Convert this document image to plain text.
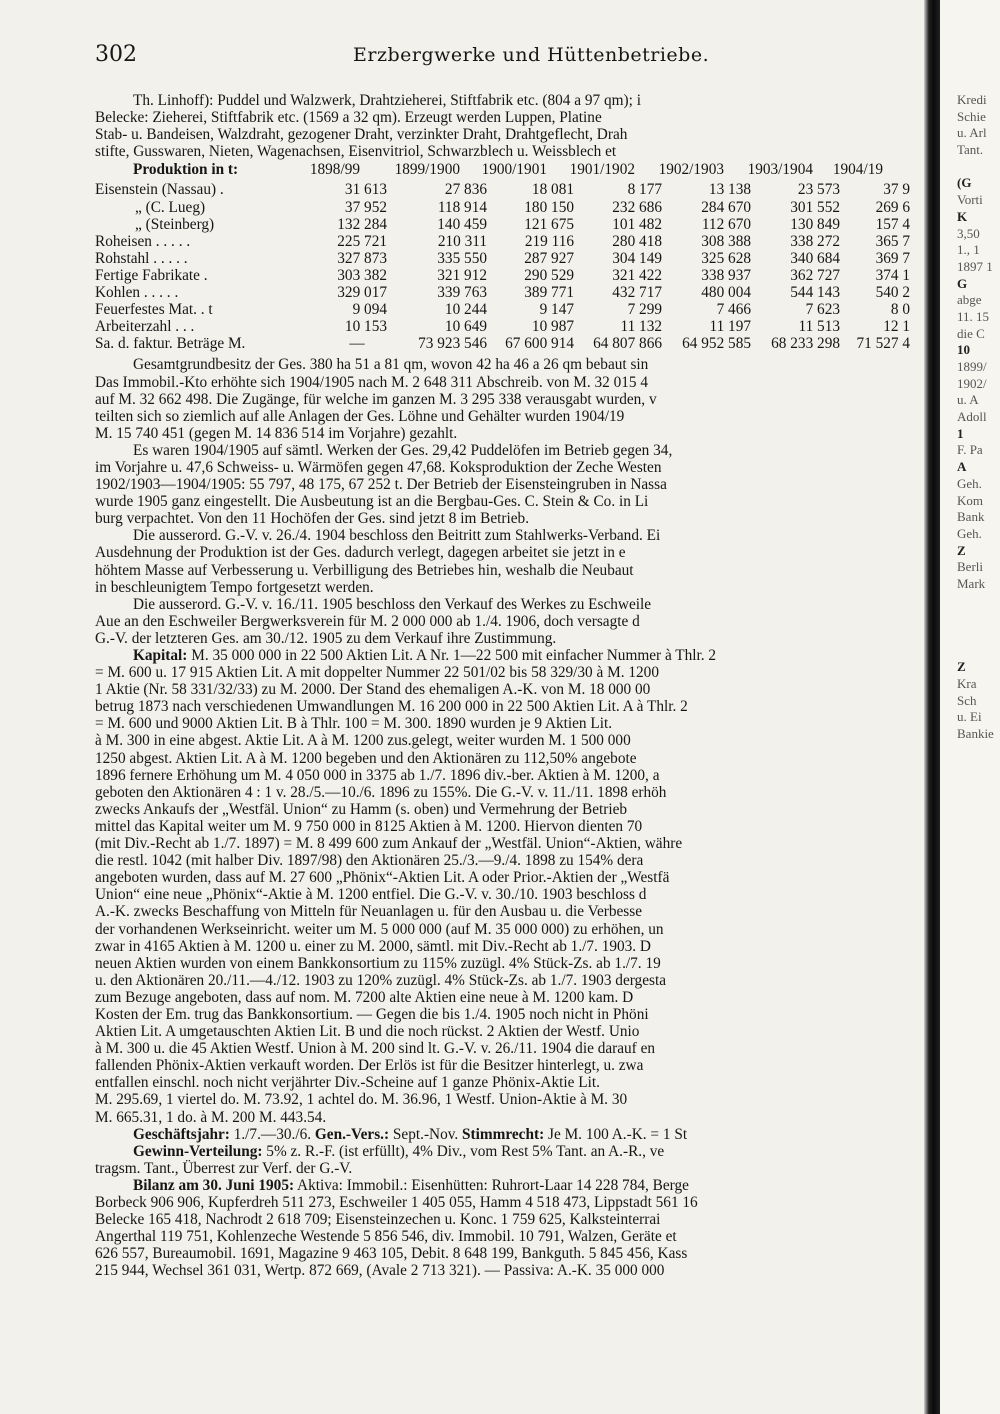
302	Erzbergwerke und Hüttenbetriebe.
Th. Linhoff): Puddel und Walzwerk, Drahtzieherei, Stiftfabrik etc. (804 a 97 qm); i
Belecke: Zieherei, Stiftfabrik etc. (1569 a 32 qm). Erzeugt werden Luppen, Platine
Stab- u. Bandeisen, Walzdraht, gezogener Draht, verzinkter Draht, Drahtgeflecht, Drah
stifte, Gusswaren, Nieten, Wagenachsen, Eisenvitriol, Schwarzblech u. Weissblech et
Produktion in t:	1898/99	1899/1900	1900/1901	1901/1902	1902/1903	1903/1904	1904/19
Eisenstein (Nassau) .	31 613	27 836	18 081	8 177	13 138	23 573	37 9
„ (C. Lueg)	37 952	118 914	180 150	232 686	284 670	301 552	269 6
„ (Steinberg)	132 284	140 459	121 675	101 482	112 670	130 849	157 4
Roheisen . . . . .	225 721	210 311	219 116	280 418	308 388	338 272	365 7
Rohstahl . . . . .	327 873	335 550	287 927	304 149	325 628	340 684	369 7
Fertige Fabrikate .	303 382	321 912	290 529	321 422	338 937	362 727	374 1
Kohlen . . . . .	329 017	339 763	389 771	432 717	480 004	544 143	540 2
Feuerfestes Mat. . t	9 094	10 244	9 147	7 299	7 466	7 623	8 0
Arbeiterzahl . . .	10 153	10 649	10 987	11 132	11 197	11 513	12 1
Sa. d. faktur. Beträge M.	—	73 923 546	67 600 914	64 807 866	64 952 585	68 233 298	71 527 4
Gesamtgrundbesitz der Ges. 380 ha 51 a 81 qm, wovon 42 ha 46 a 26 qm bebaut sin
Das Immobil.-Kto erhöhte sich 1904/1905 nach M. 2 648 311 Abschreib. von M. 32 015 4
auf M. 32 662 498. Die Zugänge, für welche im ganzen M. 3 295 338 verausgabt wurden, v
teilten sich so ziemlich auf alle Anlagen der Ges. Löhne und Gehälter wurden 1904/19
M. 15 740 451 (gegen M. 14 836 514 im Vorjahre) gezahlt.
Es waren 1904/1905 auf sämtl. Werken der Ges. 29,42 Puddelöfen im Betrieb gegen 34,
im Vorjahre u. 47,6 Schweiss- u. Wärmöfen gegen 47,68. Koksproduktion der Zeche Westen
1902/1903—1904/1905: 55 797, 48 175, 67 252 t. Der Betrieb der Eisensteingruben in Nassa
wurde 1905 ganz eingestellt. Die Ausbeutung ist an die Bergbau-Ges. C. Stein & Co. in Li
burg verpachtet. Von den 11 Hochöfen der Ges. sind jetzt 8 im Betrieb.
Die ausserord. G.-V. v. 26./4. 1904 beschloss den Beitritt zum Stahlwerks-Verband. Ei
Ausdehnung der Produktion ist der Ges. dadurch verlegt, dagegen arbeitet sie jetzt in e
höhtem Masse auf Verbesserung u. Verbilligung des Betriebes hin, weshalb die Neubaut
in beschleunigtem Tempo fortgesetzt werden.
Die ausserord. G.-V. v. 16./11. 1905 beschloss den Verkauf des Werkes zu Eschweile
Aue an den Eschweiler Bergwerksverein für M. 2 000 000 ab 1./4. 1906, doch versagte d
G.-V. der letzteren Ges. am 30./12. 1905 zu dem Verkauf ihre Zustimmung.
Kapital: M. 35 000 000 in 22 500 Aktien Lit. A Nr. 1—22 500 mit einfacher Nummer à Thlr. 2
= M. 600 u. 17 915 Aktien Lit. A mit doppelter Nummer 22 501/02 bis 58 329/30 à M. 1200
1 Aktie (Nr. 58 331/32/33) zu M. 2000. Der Stand des ehemaligen A.-K. von M. 18 000 00
betrug 1873 nach verschiedenen Umwandlungen M. 16 200 000 in 22 500 Aktien Lit. A à Thlr. 2
= M. 600 und 9000 Aktien Lit. B à Thlr. 100 = M. 300. 1890 wurden je 9 Aktien Lit.
à M. 300 in eine abgest. Aktie Lit. A à M. 1200 zus.gelegt, weiter wurden M. 1 500 000
1250 abgest. Aktien Lit. A à M. 1200 begeben und den Aktionären zu 112,50% angebote
1896 fernere Erhöhung um M. 4 050 000 in 3375 ab 1./7. 1896 div.-ber. Aktien à M. 1200, a
geboten den Aktionären 4 : 1 v. 28./5.—10./6. 1896 zu 155%. Die G.-V. v. 11./11. 1898 erhöh
zwecks Ankaufs der „Westfäl. Union“ zu Hamm (s. oben) und Vermehrung der Betrieb
mittel das Kapital weiter um M. 9 750 000 in 8125 Aktien à M. 1200. Hiervon dienten 70
(mit Div.-Recht ab 1./7. 1897) = M. 8 499 600 zum Ankauf der „Westfäl. Union“-Aktien, währe
die restl. 1042 (mit halber Div. 1897/98) den Aktionären 25./3.—9./4. 1898 zu 154% dera
angeboten wurden, dass auf M. 27 600 „Phönix“-Aktien Lit. A oder Prior.-Aktien der „Westfä
Union“ eine neue „Phönix“-Aktie à M. 1200 entfiel. Die G.-V. v. 30./10. 1903 beschloss d
A.-K. zwecks Beschaffung von Mitteln für Neuanlagen u. für den Ausbau u. die Verbesse
der vorhandenen Werkseinricht. weiter um M. 5 000 000 (auf M. 35 000 000) zu erhöhen, un
zwar in 4165 Aktien à M. 1200 u. einer zu M. 2000, sämtl. mit Div.-Recht ab 1./7. 1903. D
neuen Aktien wurden von einem Bankkonsortium zu 115% zuzügl. 4% Stück-Zs. ab 1./7. 19
u. den Aktionären 20./11.—4./12. 1903 zu 120% zuzügl. 4% Stück-Zs. ab 1./7. 1903 dergesta
zum Bezuge angeboten, dass auf nom. M. 7200 alte Aktien eine neue à M. 1200 kam. D
Kosten der Em. trug das Bankkonsortium. — Gegen die bis 1./4. 1905 noch nicht in Phöni
Aktien Lit. A umgetauschten Aktien Lit. B und die noch rückst. 2 Aktien der Westf. Unio
à M. 300 u. die 45 Aktien Westf. Union à M. 200 sind lt. G.-V. v. 26./11. 1904 die darauf en
fallenden Phönix-Aktien verkauft worden. Der Erlös ist für die Besitzer hinterlegt, u. zwa
entfallen einschl. noch nicht verjährter Div.-Scheine auf 1 ganze Phönix-Aktie Lit.
M. 295.69, 1 viertel do. M. 73.92, 1 achtel do. M. 36.96, 1 Westf. Union-Aktie à M. 30
M. 665.31, 1 do. à M. 200 M. 443.54.
Geschäftsjahr: 1./7.—30./6. Gen.-Vers.: Sept.-Nov. Stimmrecht: Je M. 100 A.-K. = 1 St
Gewinn-Verteilung: 5% z. R.-F. (ist erfüllt), 4% Div., vom Rest 5% Tant. an A.-R., ve
tragsm. Tant., Überrest zur Verf. der G.-V.
Bilanz am 30. Juni 1905: Aktiva: Immobil.: Eisenhütten: Ruhrort-Laar 14 228 784, Berge
Borbeck 906 906, Kupferdreh 511 273, Eschweiler 1 405 055, Hamm 4 518 473, Lippstadt 561 16
Belecke 165 418, Nachrodt 2 618 709; Eisensteinzechen u. Konc. 1 759 625, Kalksteinterrai
Angerthal 119 751, Kohlenzeche Westende 5 856 546, div. Immobil. 10 791, Walzen, Geräte et
626 557, Bureaumobil. 1691, Magazine 9 463 105, Debit. 8 648 199, Bankguth. 5 845 456, Kass
215 944, Wechsel 361 031, Wertp. 872 669, (Avale 2 713 321). — Passiva: A.-K. 35 000 000
Kredi
Schie
u. Arl
Tant.
(G
Vorti
K
3,50
1., 1
1897 1
G
abge
11. 15
die C
10
1899/
1902/
u. A
Adoll
1
F. Pa
A
Geh.
Kom
Bank
Geh.
Z
Berli
Mark
Z
Kra
Sch
u. Ei
Bankie
